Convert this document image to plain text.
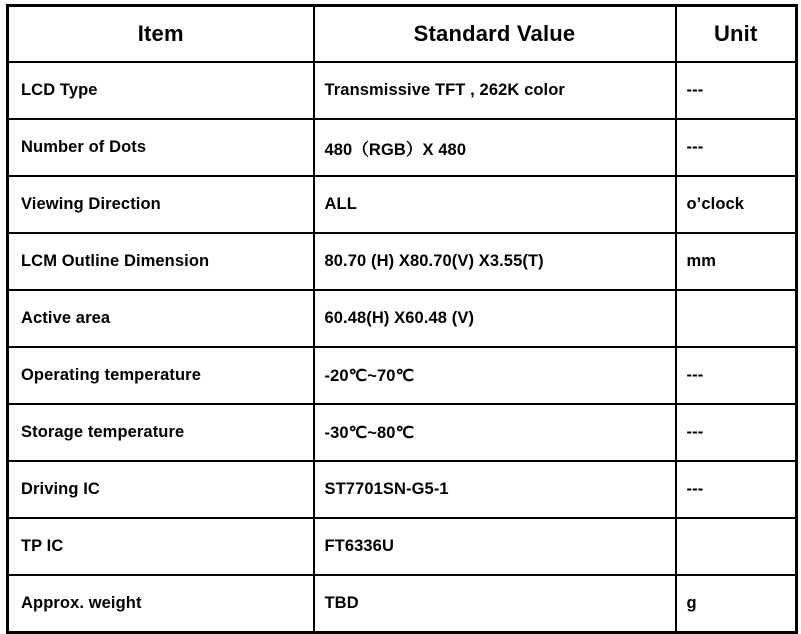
Item	Standard Value	Unit
LCD Type	Transmissive TFT , 262K color	---
Number of Dots	480（RGB）X 480	---
Viewing Direction	ALL	o’clock
LCM Outline Dimension	80.70 (H) X80.70(V) X3.55(T)	mm
Active area	60.48(H) X60.48 (V)	
Operating temperature	-20℃~70℃	---
Storage temperature	-30℃~80℃	---
Driving IC	ST7701SN-G5-1	---
TP IC	FT6336U	
Approx. weight	TBD	g
